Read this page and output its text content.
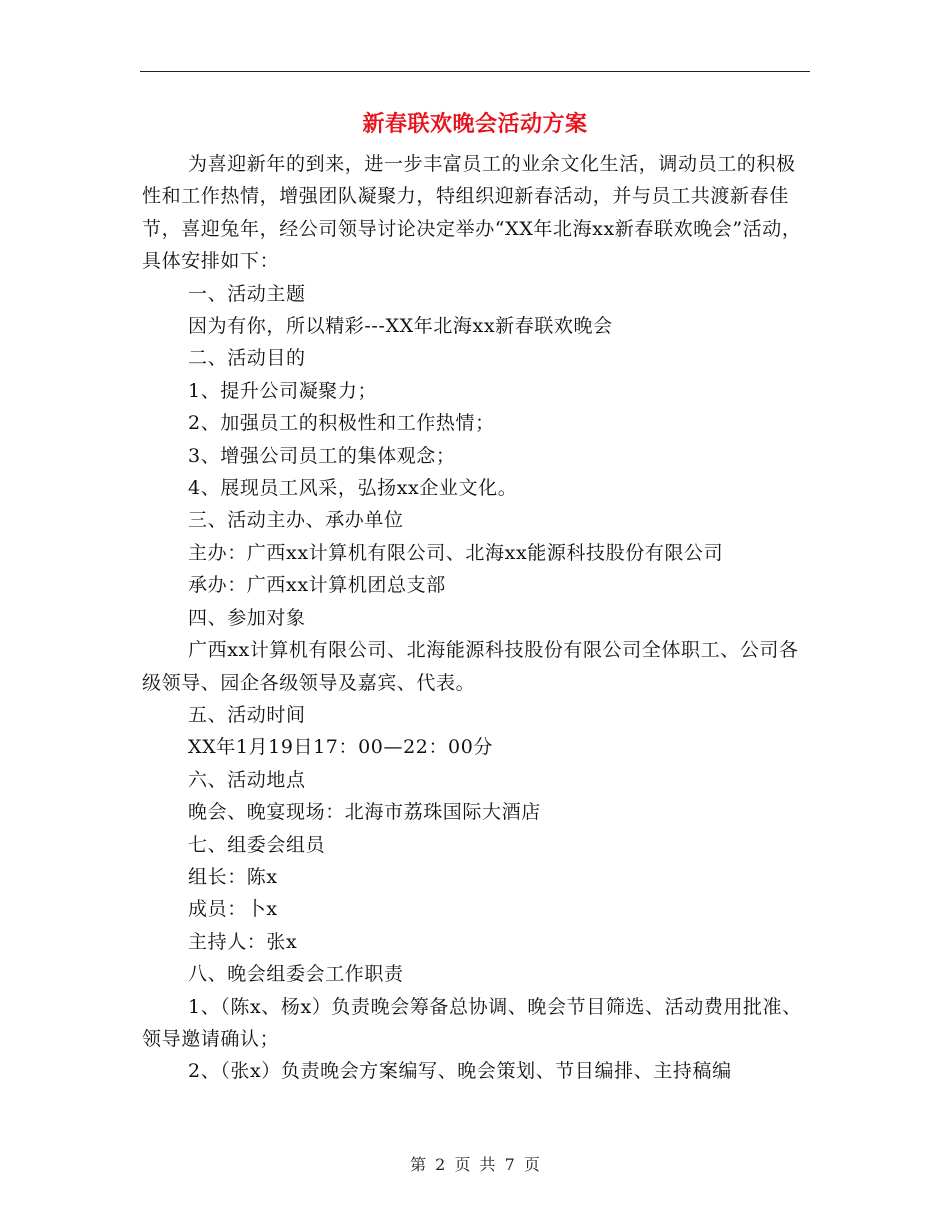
新春联欢晚会活动方案

为喜迎新年的到来，进一步丰富员工的业余文化生活，调动员工的积极性和工作热情，增强团队凝聚力，特组织迎新春活动，并与员工共渡新春佳节，喜迎兔年，经公司领导讨论决定举办“XX年北海xx新春联欢晚会”活动，具体安排如下：

一、活动主题

因为有你，所以精彩---XX年北海xx新春联欢晚会

二、活动目的

1、提升公司凝聚力；

2、加强员工的积极性和工作热情；

3、增强公司员工的集体观念；

4、展现员工风采，弘扬xx企业文化。

三、活动主办、承办单位

主办：广西xx计算机有限公司、北海xx能源科技股份有限公司

承办：广西xx计算机团总支部

四、参加对象

广西xx计算机有限公司、北海能源科技股份有限公司全体职工、公司各级领导、园企各级领导及嘉宾、代表。

五、活动时间

XX年1月19日17：00—22：00分

六、活动地点

晚会、晚宴现场：北海市荔珠国际大酒店

七、组委会组员

组长：陈x

成员：卜x

主持人：张x

八、晚会组委会工作职责

1、（陈x、杨x）负责晚会筹备总协调、晚会节目筛选、活动费用批准、领导邀请确认；

2、（张x）负责晚会方案编写、晚会策划、节目编排、主持稿编

第 2 页 共 7 页
